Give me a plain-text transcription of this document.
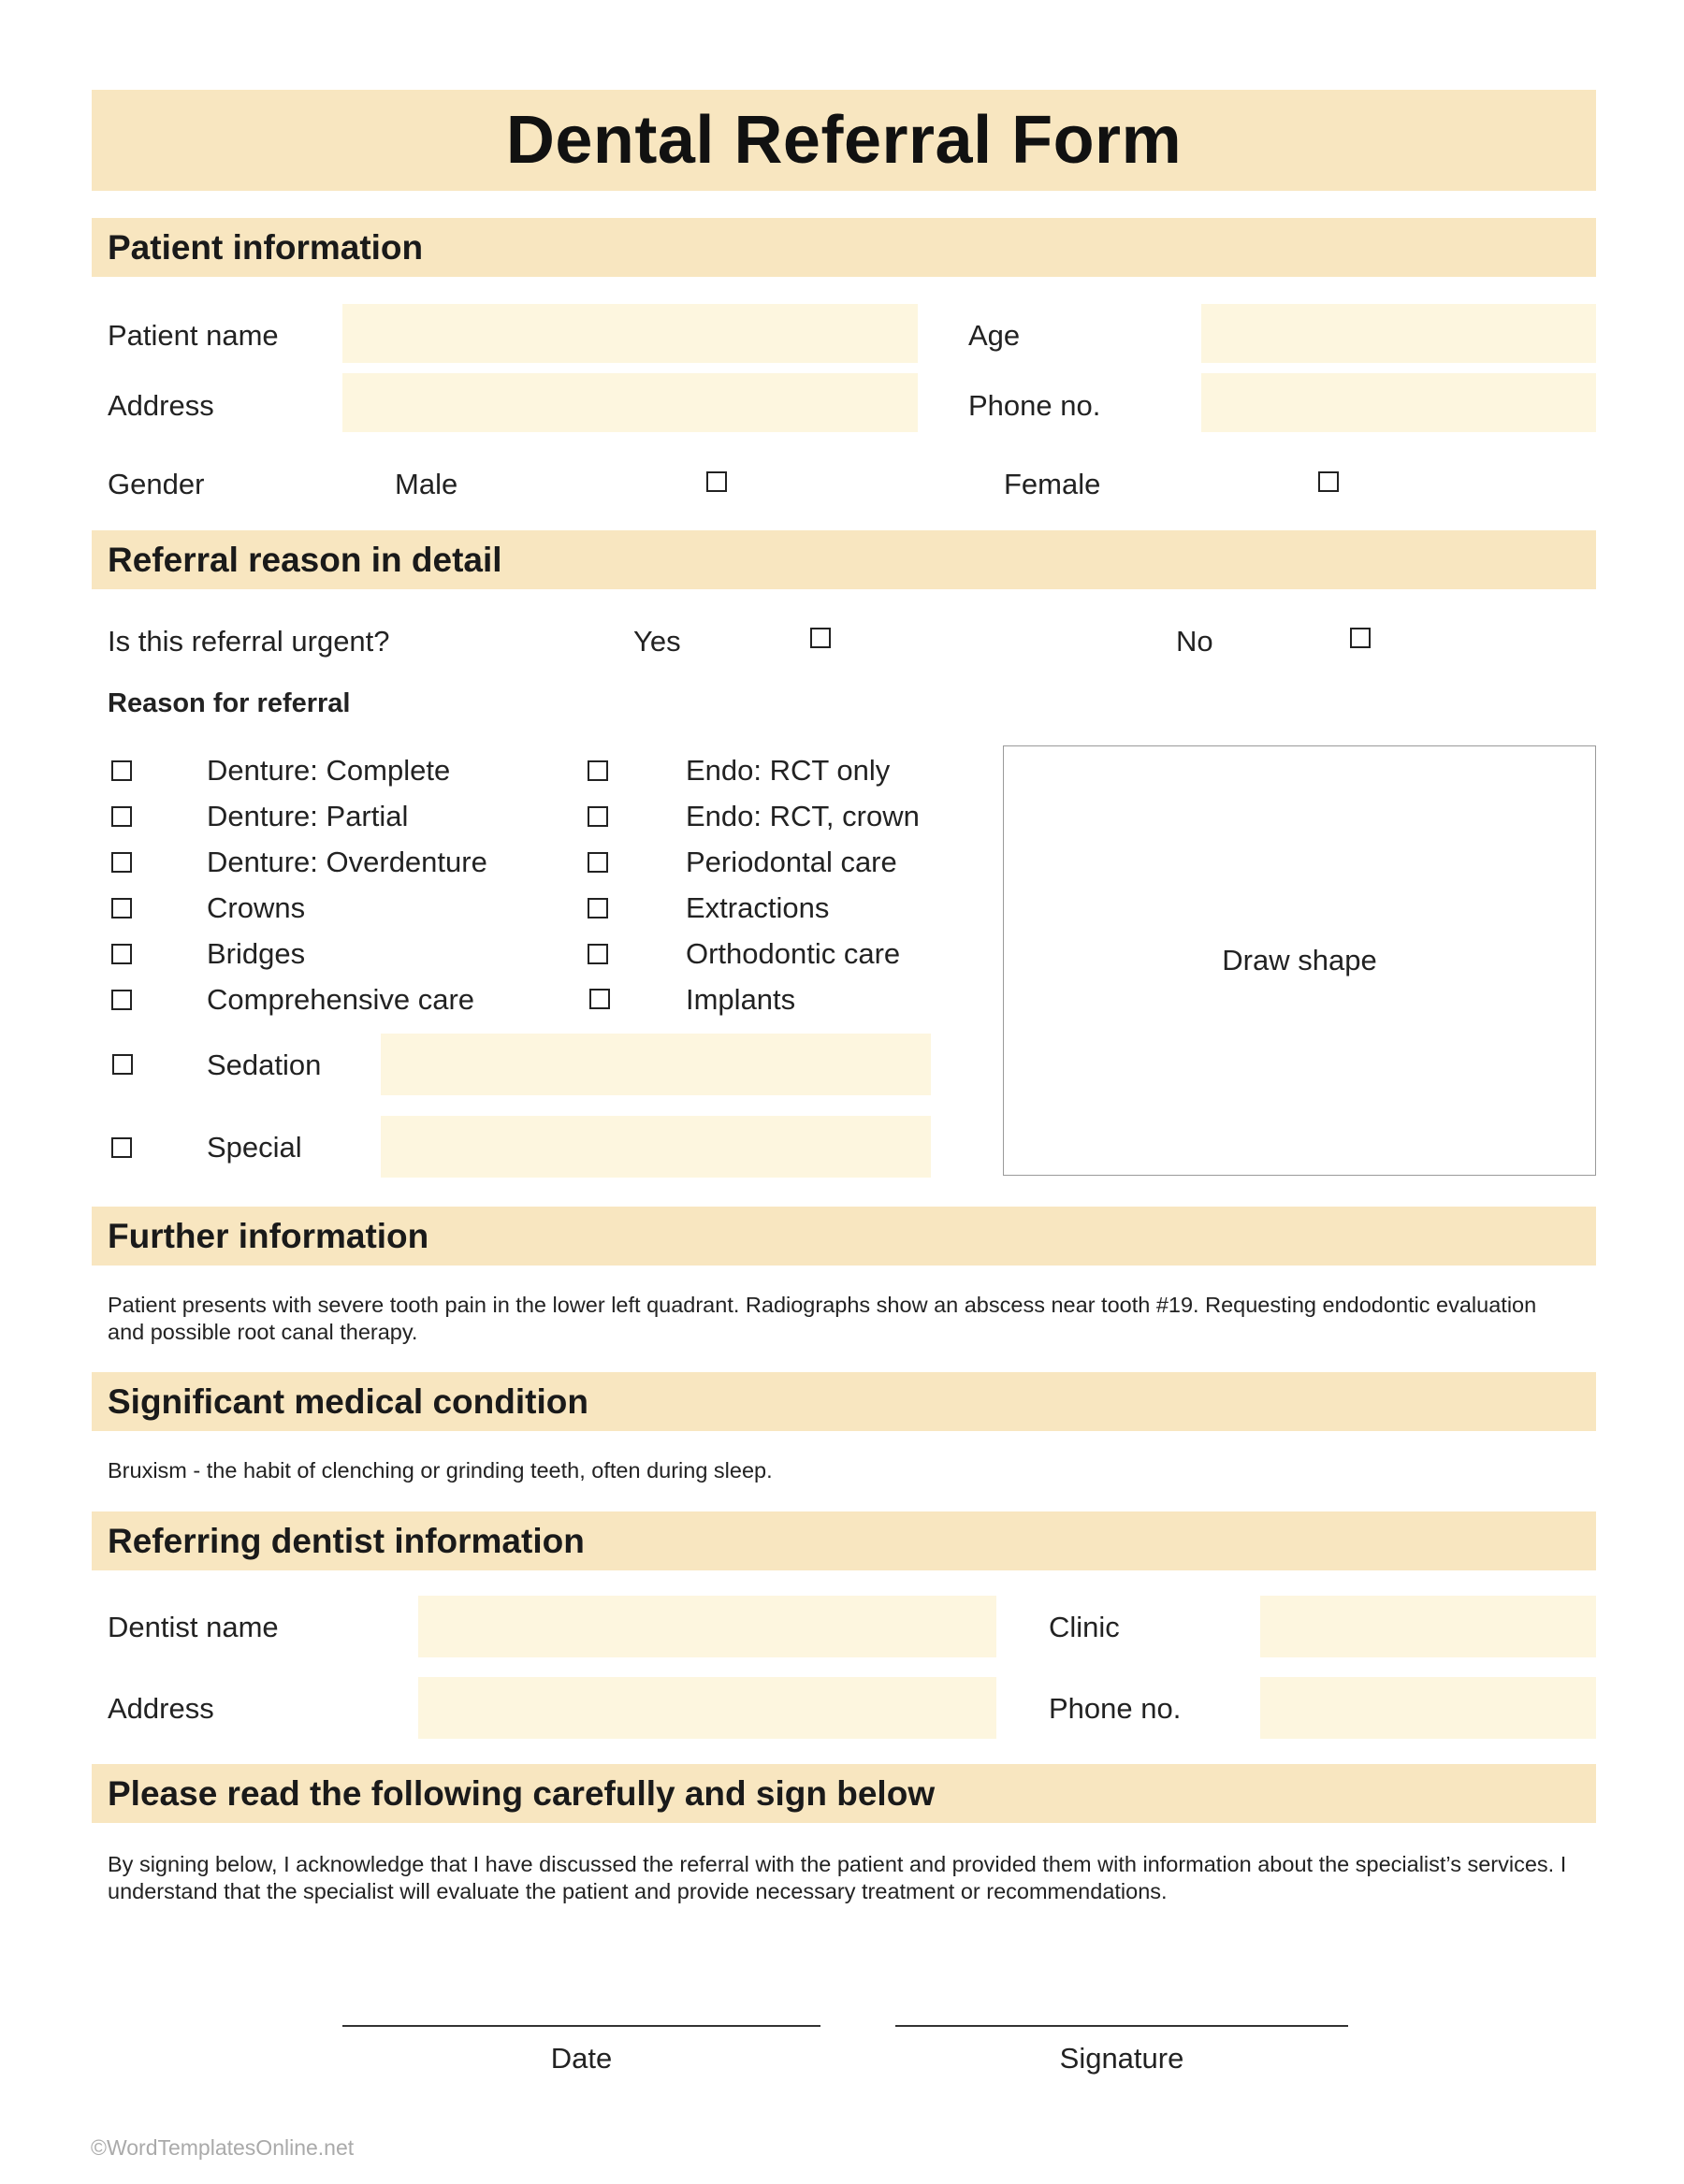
Dental Referral Form
Patient information
Patient name	Age
Address	Phone no.
Gender	Male	Female
Referral reason in detail
Is this referral urgent?	Yes	No
Reason for referral
Denture: Complete
Denture: Partial
Denture: Overdenture
Crowns
Bridges
Comprehensive care
Endo: RCT only
Endo: RCT, crown
Periodontal care
Extractions
Orthodontic care
Implants
Sedation
Special
Draw shape
Further information
Patient presents with severe tooth pain in the lower left quadrant. Radiographs show an abscess near tooth #19. Requesting endodontic evaluation and possible root canal therapy.
Significant medical condition
Bruxism - the habit of clenching or grinding teeth, often during sleep.
Referring dentist information
Dentist name	Clinic
Address	Phone no.
Please read the following carefully and sign below
By signing below, I acknowledge that I have discussed the referral with the patient and provided them with information about the specialist’s services. I understand that the specialist will evaluate the patient and provide necessary treatment or recommendations.
Date	Signature
©WordTemplatesOnline.net
